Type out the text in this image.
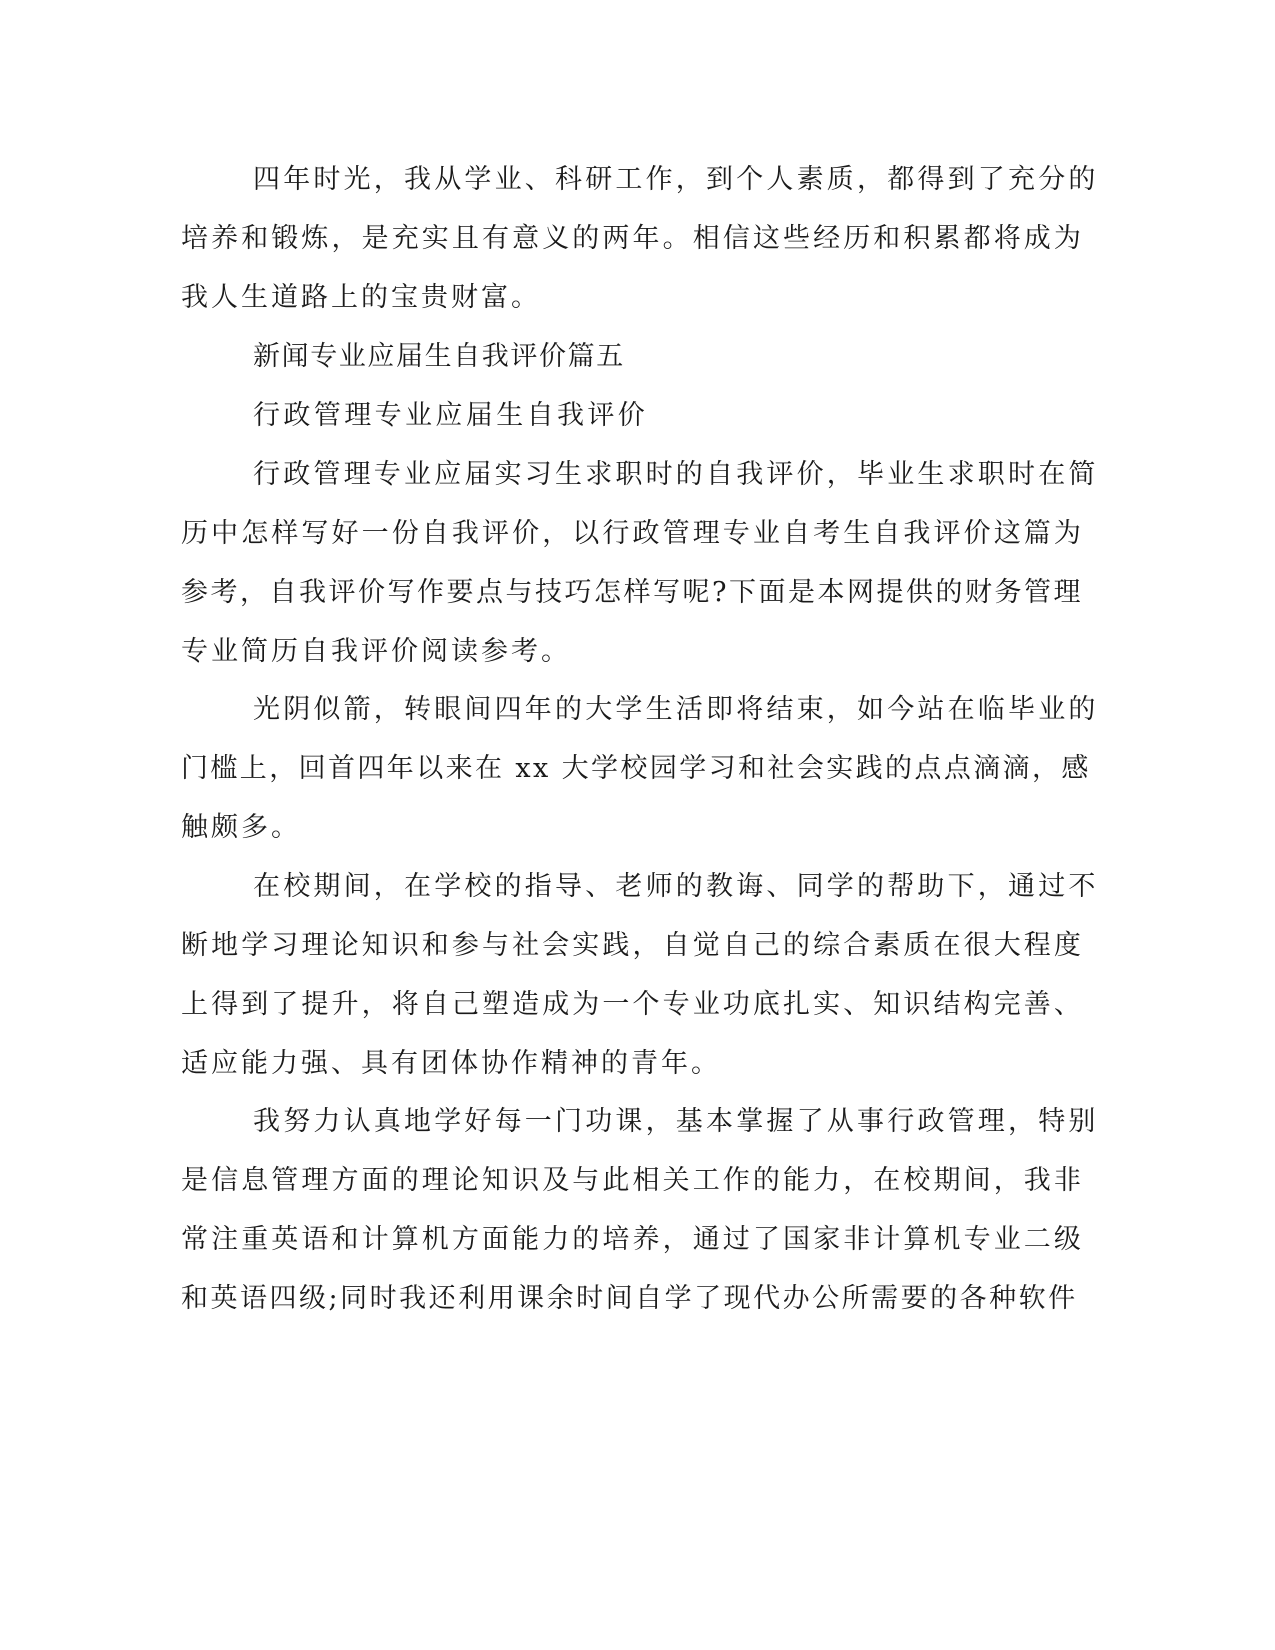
四年时光，我从学业、科研工作，到个人素质，都得到了充分的

培养和锻炼，是充实且有意义的两年。相信这些经历和积累都将成为

我人生道路上的宝贵财富。

新闻专业应届生自我评价篇五

行政管理专业应届生自我评价

行政管理专业应届实习生求职时的自我评价，毕业生求职时在简

历中怎样写好一份自我评价，以行政管理专业自考生自我评价这篇为

参考，自我评价写作要点与技巧怎样写呢?下面是本网提供的财务管理

专业简历自我评价阅读参考。

光阴似箭，转眼间四年的大学生活即将结束，如今站在临毕业的

门槛上，回首四年以来在 xx 大学校园学习和社会实践的点点滴滴，感

触颇多。

在校期间，在学校的指导、老师的教诲、同学的帮助下，通过不

断地学习理论知识和参与社会实践，自觉自己的综合素质在很大程度

上得到了提升，将自己塑造成为一个专业功底扎实、知识结构完善、

适应能力强、具有团体协作精神的青年。

我努力认真地学好每一门功课，基本掌握了从事行政管理，特别

是信息管理方面的理论知识及与此相关工作的能力，在校期间，我非

常注重英语和计算机方面能力的培养，通过了国家非计算机专业二级

和英语四级;同时我还利用课余时间自学了现代办公所需要的各种软件
